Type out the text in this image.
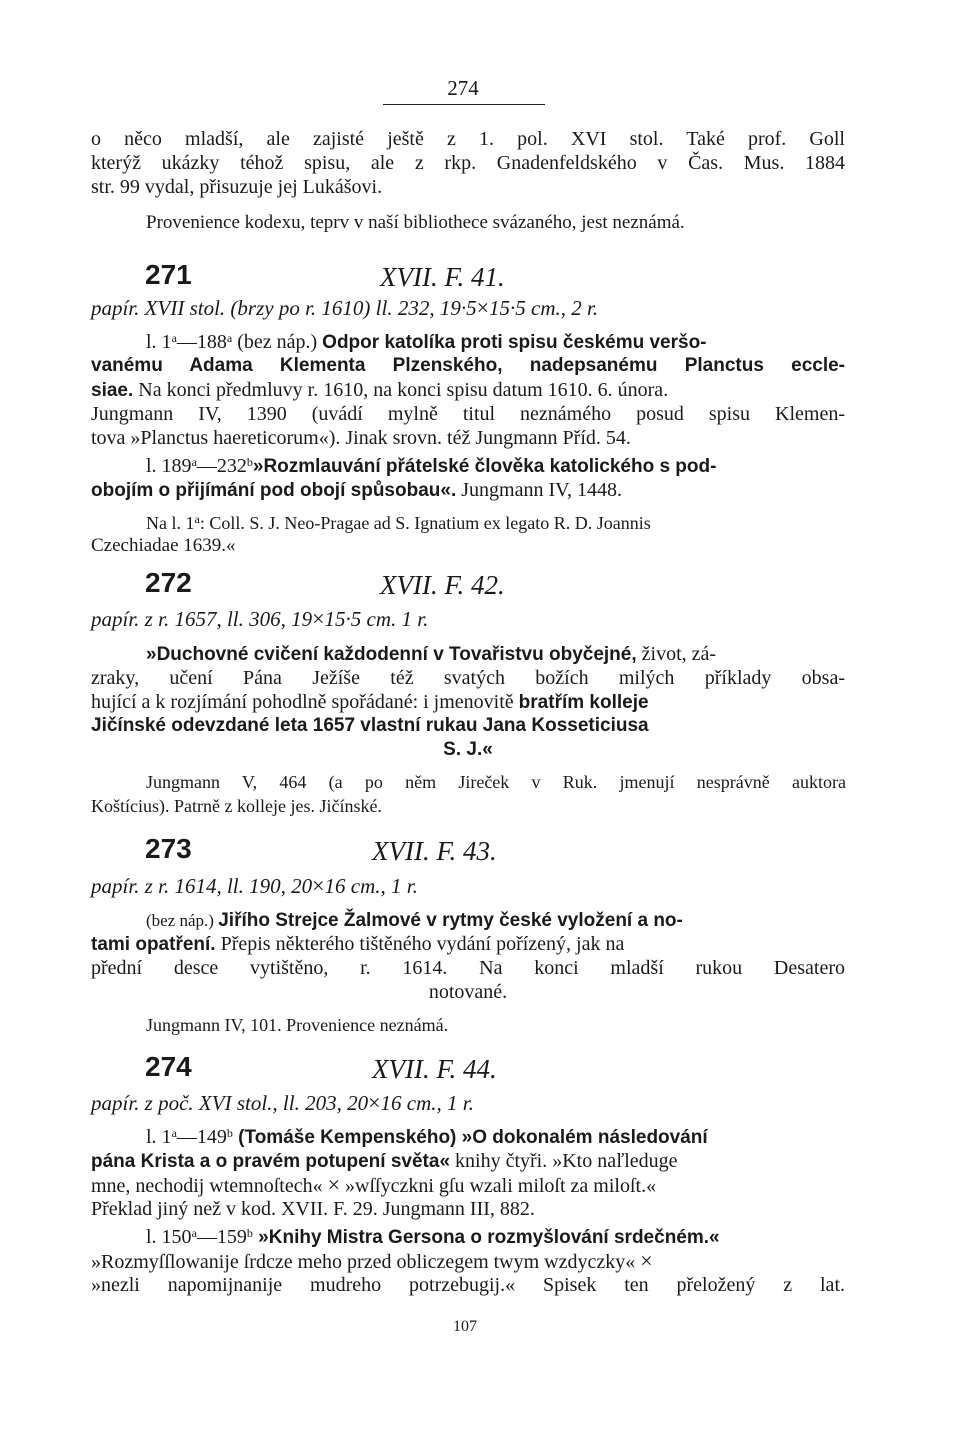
274
o něco mladší, ale zajisté ještě z 1. pol. XVI stol. Také prof. Goll
kterýž ukázky téhož spisu, ale z rkp. Gnadenfeldského v Čas. Mus. 1884
str. 99 vydal, přisuzuje jej Lukášovi.
Provenience kodexu, teprv v naší bibliothece svázaného, jest neznámá.
271	XVII. F. 41.
papír. XVII stol. (brzy po r. 1610) ll. 232, 19·5×15·5 cm., 2 r.
l. 1$^a$—188$^a$ (bez náp.) Odpor katolíka proti spisu českému veršo-
vanému Adama Klementa Plzenského, nadepsanému Planctus eccle-
siae. Na konci předmluvy r. 1610, na konci spisu datum 1610. 6. února.
Jungmann IV, 1390 (uvádí mylně titul neznámého posud spisu Klemen-
tova »Planctus haereticorum«). Jinak srovn. též Jungmann Příd. 54.
l. 189$^a$—232$^b$»Rozmlauvání přátelské člověka katolického s pod-
obojím o přijímání pod obojí spůsobau«. Jungmann IV, 1448.
Na l. 1$^a$: Coll. S. J. Neo-Pragae ad S. Ignatium ex legato R. D. Joannis
Czechiadae 1639.«
272	XVII. F. 42.
papír. z r. 1657, ll. 306, 19×15·5 cm. 1 r.
»Duchovné cvičení každodenní v Tovařistvu obyčejné, život, zá-
zraky, učení Pána Ježíše též svatých božích milých příklady obsa-
hující a k rozjímání pohodlně spořádané: i jmenovitě bratřím kolleje
Jičínské odevzdané leta 1657 vlastní rukau Jana Kosseticiusa
S. J.«
Jungmann V, 464 (a po něm Jireček v Ruk. jmenují nesprávně auktora
Koštícius). Patrně z kolleje jes. Jičínské.
273	XVII. F. 43.
papír. z r. 1614, ll. 190, 20×16 cm., 1 r.
(bez náp.) Jiřího Strejce Žalmové v rytmy české vyložení a no-
tami opatření. Přepis některého tištěného vydání pořízený, jak na
přední desce vytištěno, r. 1614. Na konci mladší rukou Desatero
notované.
Jungmann IV, 101. Provenience neznámá.
274	XVII. F. 44.
papír. z poč. XVI stol., ll. 203, 20×16 cm., 1 r.
l. 1$^a$—149$^b$ (Tomáše Kempenského) »O dokonalém následování
pána Krista a o pravém potupení světa« knihy čtyři. »Kto naľleduge
mne, nechodij wtemnoſtech« × »wſſyczkni gſu wzali miloſt za miloſt.«
Překlad jiný než v kod. XVII. F. 29. Jungmann III, 882.
l. 150$^a$—159$^b$ »Knihy Mistra Gersona o rozmyšlování srdečném.«
»Rozmyſſlowanije ſrdcze meho przed obliczegem twym wzdyczky« ×
»nezli napomijnanije mudreho potrzebugij.« Spisek ten přeložený z lat.
107
